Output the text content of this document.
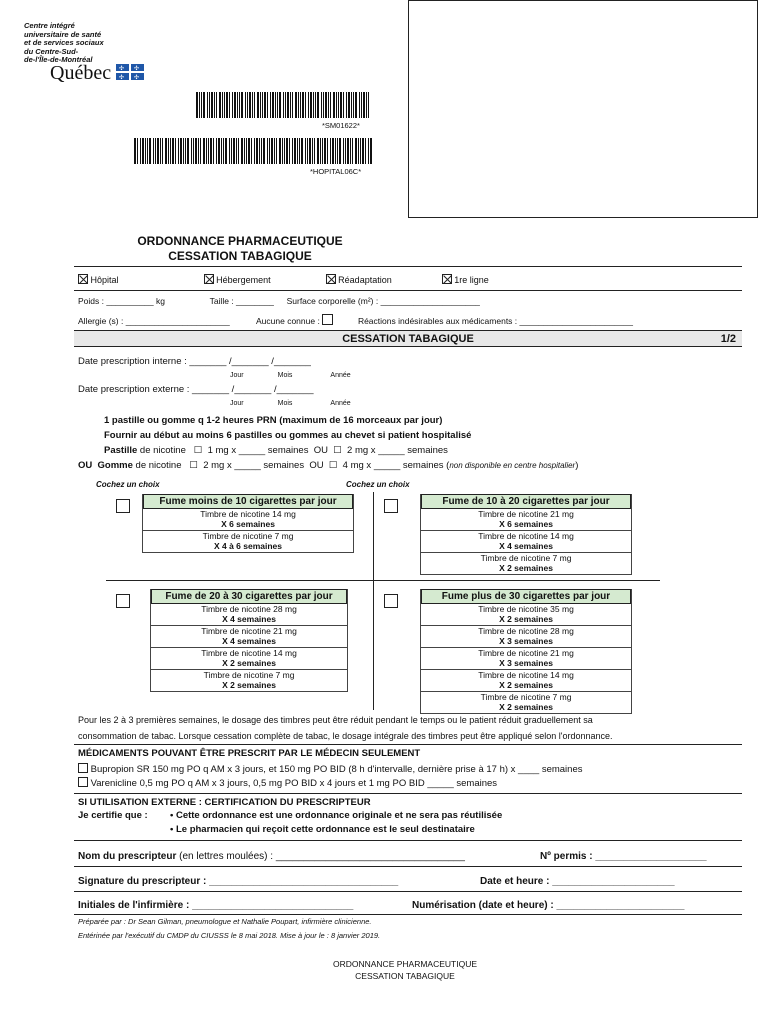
Centre intégré
universitaire de santé
et de services sociaux
du Centre-Sud-
de-l'Île-de-Montréal
Québec ✣ ✣
✣ ✣
*SM01622*
*HOPITAL06C*
ORDONNANCE PHARMACEUTIQUE
CESSATION TABAGIQUE
Hôpital	Hébergement	Réadaptation	1re ligne
Poids : __________ kg	Taille : ________ Surface corporelle (m²) : _____________________
Allergie (s) : ______________________	Aucune connue :	Réactions indésirables aux médicaments : ________________________
CESSATION TABAGIQUE	1/2
Date prescription interne : _______ /_______ /_______
Jour	Mois	Année
Date prescription externe : _______ /_______ /_______
Jour	Mois	Année
1 pastille ou gomme q 1-2 heures PRN (maximum de 16 morceaux par jour)
Fournir au début au moins 6 pastilles ou gommes au chevet si patient hospitalisé
Pastille de nicotine   ☐  1 mg x _____ semaines  OU  ☐  2 mg x _____ semaines
OU Gomme de nicotine   ☐  2 mg x _____ semaines  OU  ☐  4 mg x _____ semaines (non disponible en centre hospitalier)
Cochez un choix	Cochez un choix
Fume moins de 10 cigarettes par jour
Timbre de nicotine 14 mg
X 6 semaines
Timbre de nicotine 7 mg
X 4 à 6 semaines
Fume de 10 à 20 cigarettes par jour
Timbre de nicotine 21 mg
X 6 semaines
Timbre de nicotine 14 mg
X 4 semaines
Timbre de nicotine 7 mg
X 2 semaines
Fume de 20 à 30 cigarettes par jour
Timbre de nicotine 28 mg
X 4 semaines
Timbre de nicotine 21 mg
X 4 semaines
Timbre de nicotine 14 mg
X 2 semaines
Timbre de nicotine 7 mg
X 2 semaines
Fume plus de 30 cigarettes par jour
Timbre de nicotine 35 mg
X 2 semaines
Timbre de nicotine 28 mg
X 3 semaines
Timbre de nicotine 21 mg
X 3 semaines
Timbre de nicotine 14 mg
X 2 semaines
Timbre de nicotine 7 mg
X 2 semaines
Pour les 2 à 3 premières semaines, le dosage des timbres peut être réduit pendant le temps ou le patient réduit graduellement sa
consommation de tabac. Lorsque cessation complète de tabac, le dosage intégrale des timbres peut être appliqué selon l'ordonnance.
MÉDICAMENTS POUVANT ÊTRE PRESCRIT PAR LE MÉDECIN SEULEMENT
Bupropion SR 150 mg PO q AM x 3 jours, et 150 mg PO BID (8 h d'intervalle, dernière prise à 17 h) x ____ semaines
Varenicline 0,5 mg PO q AM x 3 jours, 0,5 mg PO BID x 4 jours et 1 mg PO BID _____ semaines
SI UTILISATION EXTERNE : CERTIFICATION DU PRESCRIPTEUR
Je certifie que : • Cette ordonnance est une ordonnance originale et ne sera pas réutilisée
• Le pharmacien qui reçoit cette ordonnance est le seul destinataire
Nom du prescripteur (en lettres moulées) : __________________________________	Nº permis : ____________________
Signature du prescripteur : __________________________________	Date et heure : ______________________
Initiales de l'infirmière : _____________________________	Numérisation (date et heure) : _______________________
Préparée par : Dr Sean Gilman, pneumologue et Nathalie Poupart, infirmière clinicienne.
Entérinée par l'exécutif du CMDP du CIUSSS le 8 mai 2018. Mise à jour le : 8 janvier 2019.
ORDONNANCE PHARMACEUTIQUE
CESSATION TABAGIQUE
